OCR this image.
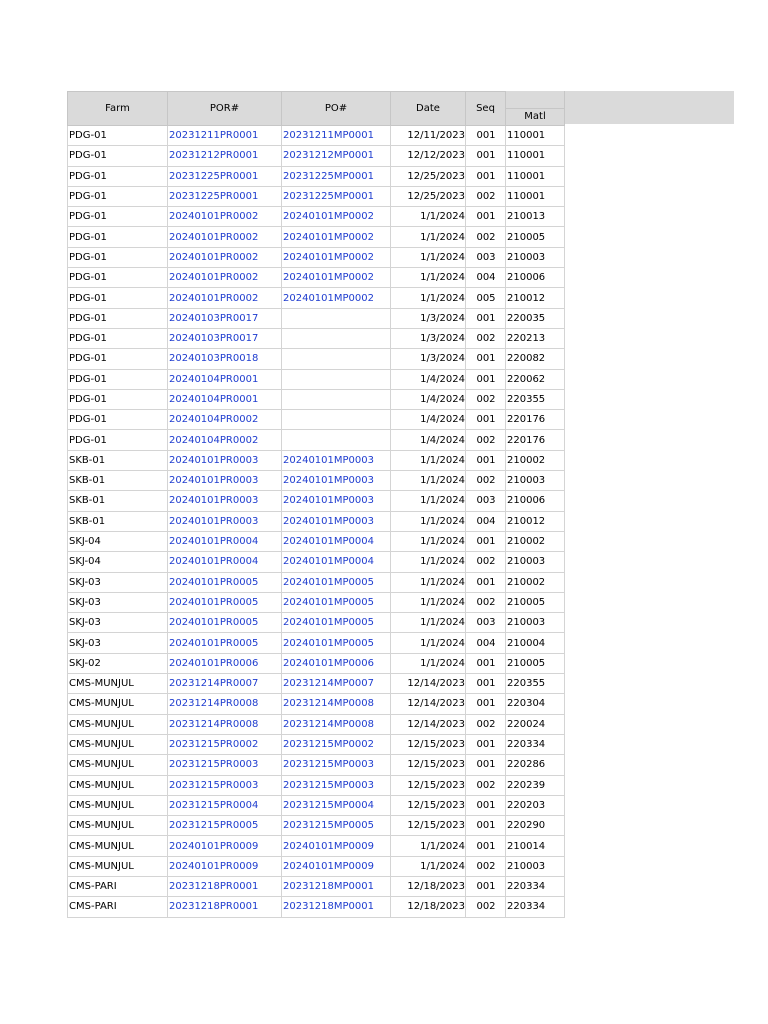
Farm	POR#	PO#	Date	Seq	Matl

PDG-01	20231211PR0001	20231211MP0001	12/11/2023	001	110001
PDG-01	20231212PR0001	20231212MP0001	12/12/2023	001	110001
PDG-01	20231225PR0001	20231225MP0001	12/25/2023	001	110001
PDG-01	20231225PR0001	20231225MP0001	12/25/2023	002	110001
PDG-01	20240101PR0002	20240101MP0002	1/1/2024	001	210013
PDG-01	20240101PR0002	20240101MP0002	1/1/2024	002	210005
PDG-01	20240101PR0002	20240101MP0002	1/1/2024	003	210003
PDG-01	20240101PR0002	20240101MP0002	1/1/2024	004	210006
PDG-01	20240101PR0002	20240101MP0002	1/1/2024	005	210012
PDG-01	20240103PR0017		1/3/2024	001	220035
PDG-01	20240103PR0017		1/3/2024	002	220213
PDG-01	20240103PR0018		1/3/2024	001	220082
PDG-01	20240104PR0001		1/4/2024	001	220062
PDG-01	20240104PR0001		1/4/2024	002	220355
PDG-01	20240104PR0002		1/4/2024	001	220176
PDG-01	20240104PR0002		1/4/2024	002	220176
SKB-01	20240101PR0003	20240101MP0003	1/1/2024	001	210002
SKB-01	20240101PR0003	20240101MP0003	1/1/2024	002	210003
SKB-01	20240101PR0003	20240101MP0003	1/1/2024	003	210006
SKB-01	20240101PR0003	20240101MP0003	1/1/2024	004	210012
SKJ-04	20240101PR0004	20240101MP0004	1/1/2024	001	210002
SKJ-04	20240101PR0004	20240101MP0004	1/1/2024	002	210003
SKJ-03	20240101PR0005	20240101MP0005	1/1/2024	001	210002
SKJ-03	20240101PR0005	20240101MP0005	1/1/2024	002	210005
SKJ-03	20240101PR0005	20240101MP0005	1/1/2024	003	210003
SKJ-03	20240101PR0005	20240101MP0005	1/1/2024	004	210004
SKJ-02	20240101PR0006	20240101MP0006	1/1/2024	001	210005
CMS-MUNJUL	20231214PR0007	20231214MP0007	12/14/2023	001	220355
CMS-MUNJUL	20231214PR0008	20231214MP0008	12/14/2023	001	220304
CMS-MUNJUL	20231214PR0008	20231214MP0008	12/14/2023	002	220024
CMS-MUNJUL	20231215PR0002	20231215MP0002	12/15/2023	001	220334
CMS-MUNJUL	20231215PR0003	20231215MP0003	12/15/2023	001	220286
CMS-MUNJUL	20231215PR0003	20231215MP0003	12/15/2023	002	220239
CMS-MUNJUL	20231215PR0004	20231215MP0004	12/15/2023	001	220203
CMS-MUNJUL	20231215PR0005	20231215MP0005	12/15/2023	001	220290
CMS-MUNJUL	20240101PR0009	20240101MP0009	1/1/2024	001	210014
CMS-MUNJUL	20240101PR0009	20240101MP0009	1/1/2024	002	210003
CMS-PARI	20231218PR0001	20231218MP0001	12/18/2023	001	220334
CMS-PARI	20231218PR0001	20231218MP0001	12/18/2023	002	220334
